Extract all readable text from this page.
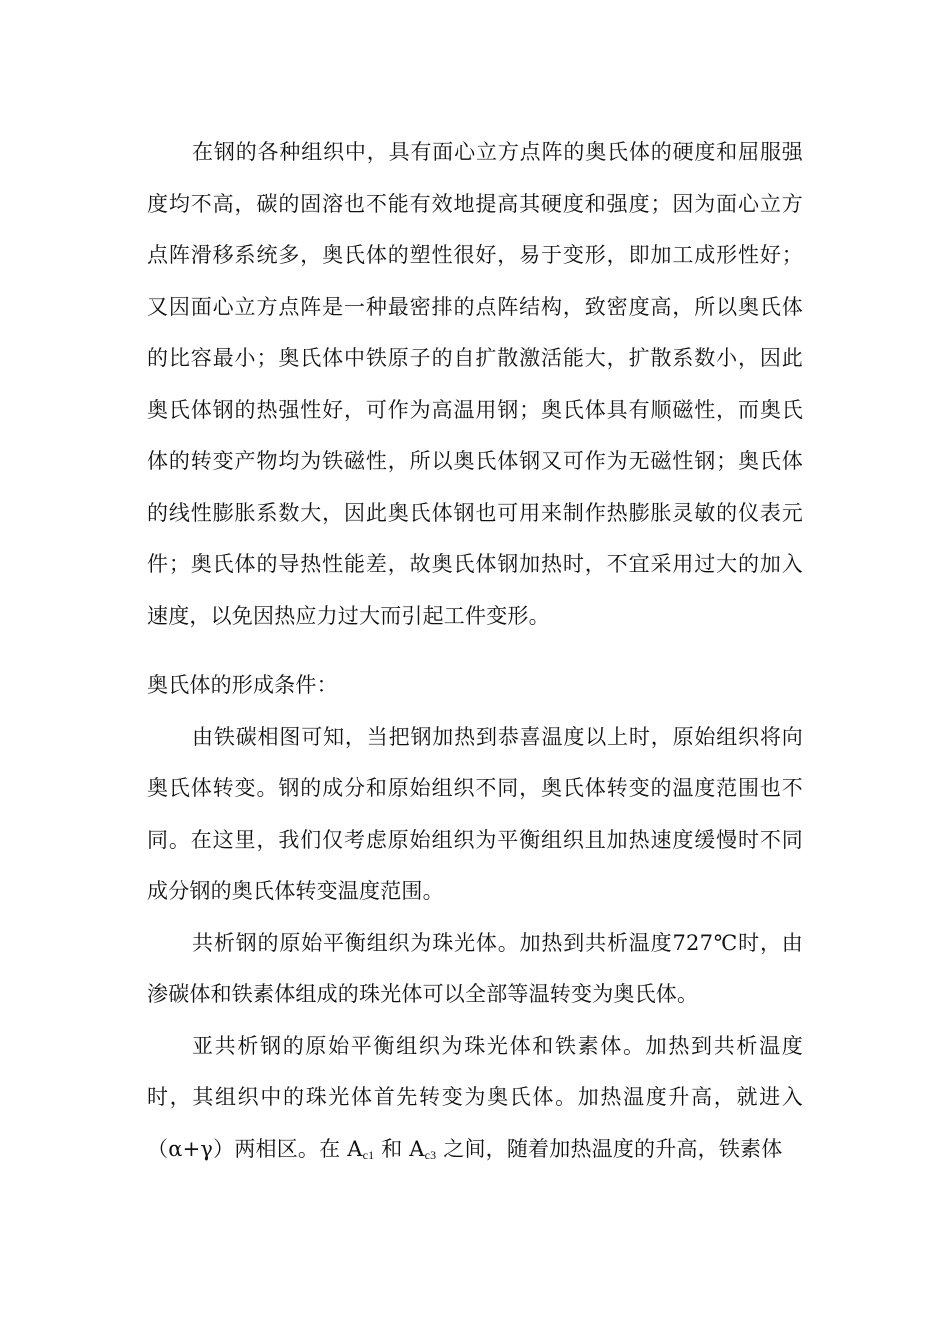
在钢的各种组织中，具有面心立方点阵的奥氏体的硬度和屈服强度均不高，碳的固溶也不能有效地提高其硬度和强度；因为面心立方点阵滑移系统多，奥氏体的塑性很好，易于变形，即加工成形性好；又因面心立方点阵是一种最密排的点阵结构，致密度高，所以奥氏体的比容最小；奥氏体中铁原子的自扩散激活能大，扩散系数小，因此奥氏体钢的热强性好，可作为高温用钢；奥氏体具有顺磁性，而奥氏体的转变产物均为铁磁性，所以奥氏体钢又可作为无磁性钢；奥氏体的线性膨胀系数大，因此奥氏体钢也可用来制作热膨胀灵敏的仪表元件；奥氏体的导热性能差，故奥氏体钢加热时，不宜采用过大的加入速度，以免因热应力过大而引起工件变形。

奥氏体的形成条件：

由铁碳相图可知，当把钢加热到恭喜温度以上时，原始组织将向奥氏体转变。钢的成分和原始组织不同，奥氏体转变的温度范围也不同。在这里，我们仅考虑原始组织为平衡组织且加热速度缓慢时不同成分钢的奥氏体转变温度范围。

共析钢的原始平衡组织为珠光体。加热到共析温度727℃时，由渗碳体和铁素体组成的珠光体可以全部等温转变为奥氏体。

亚共析钢的原始平衡组织为珠光体和铁素体。加热到共析温度时，其组织中的珠光体首先转变为奥氏体。加热温度升高，就进入（α+γ）两相区。在 $A_{c1}$ 和 $A_{c3}$ 之间，随着加热温度的升高，铁素体
